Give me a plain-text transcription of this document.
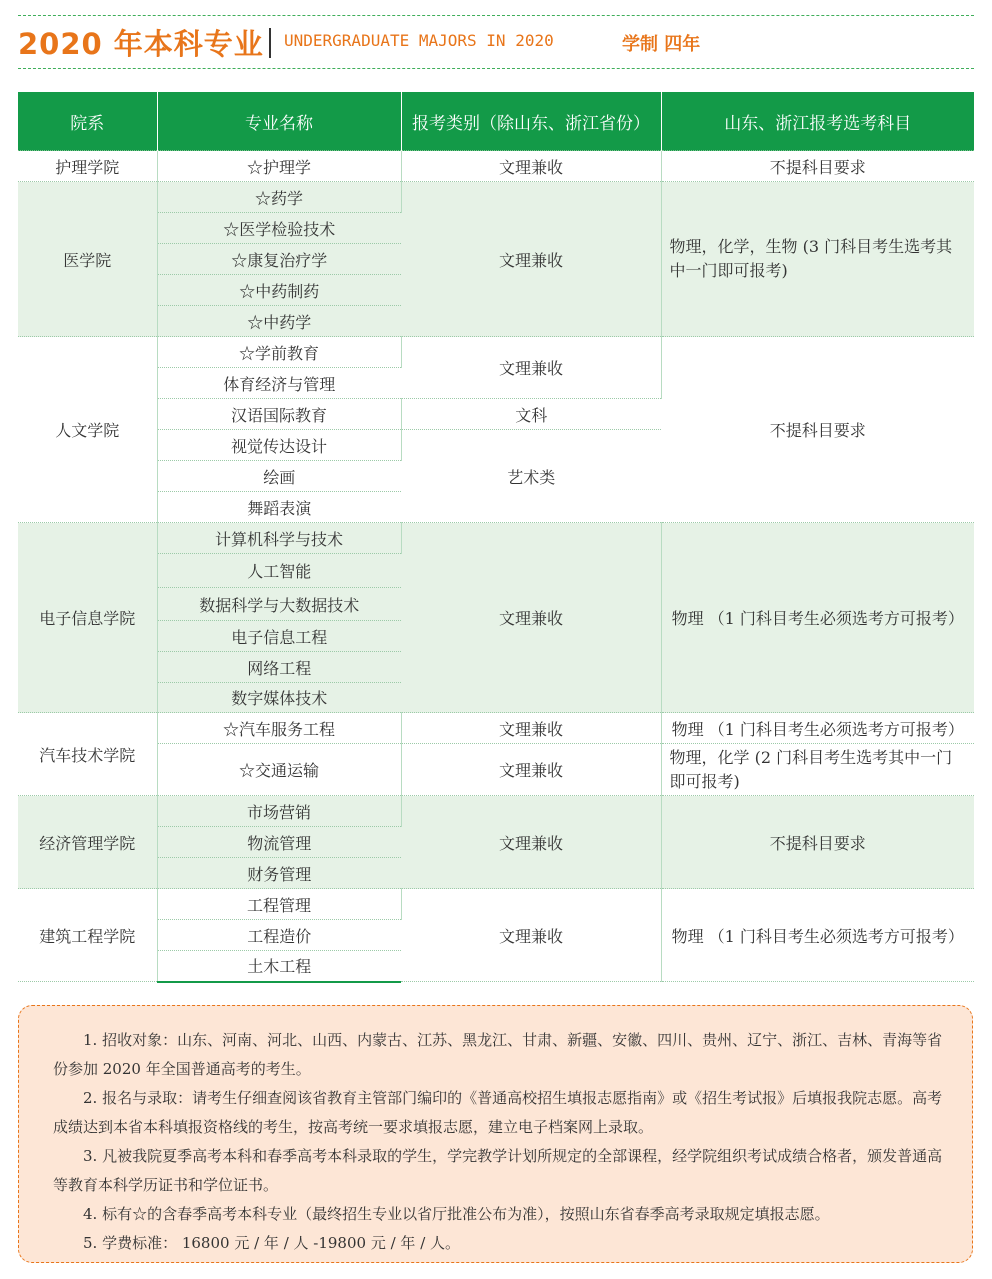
2020 年本科专业 UNDERGRADUATE MAJORS IN 2020	学制 四年
院系	专业名称	报考类别（除山东、浙江省份）	山东、浙江报考选考科目
护理学院	☆护理学	文理兼收	不提科目要求
医学院	☆药学	文理兼收	物理，化学，生物 (3 门科目考生选考其中一门即可报考)
	☆医学检验技术		
	☆康复治疗学		
	☆中药制药		
	☆中药学		
人文学院	☆学前教育	文理兼收	不提科目要求
	体育经济与管理		
	汉语国际教育	文科	
	视觉传达设计	艺术类	
	绘画		
	舞蹈表演		
电子信息学院	计算机科学与技术	文理兼收	物理 （1 门科目考生必须选考方可报考）
	人工智能		
	数据科学与大数据技术		
	电子信息工程		
	网络工程		
	数字媒体技术		
汽车技术学院	☆汽车服务工程	文理兼收	物理 （1 门科目考生必须选考方可报考）
	☆交通运输	文理兼收	物理，化学 (2 门科目考生选考其中一门即可报考)
经济管理学院	市场营销	文理兼收	不提科目要求
	物流管理		
	财务管理		
建筑工程学院	工程管理	文理兼收	物理 （1 门科目考生必须选考方可报考）
	工程造价		
	土木工程		

1. 招收对象：山东、河南、河北、山西、内蒙古、江苏、黑龙江、甘肃、新疆、安徽、四川、贵州、辽宁、浙江、吉林、青海等省份参加 2020 年全国普通高考的考生。

2. 报名与录取：请考生仔细查阅该省教育主管部门编印的《普通高校招生填报志愿指南》或《招生考试报》后填报我院志愿。高考成绩达到本省本科填报资格线的考生，按高考统一要求填报志愿，建立电子档案网上录取。

3. 凡被我院夏季高考本科和春季高考本科录取的学生，学完教学计划所规定的全部课程，经学院组织考试成绩合格者，颁发普通高等教育本科学历证书和学位证书。

4. 标有☆的含春季高考本科专业（最终招生专业以省厅批准公布为准），按照山东省春季高考录取规定填报志愿。

5. 学费标准： 16800 元 / 年 / 人 -19800 元 / 年 / 人。
